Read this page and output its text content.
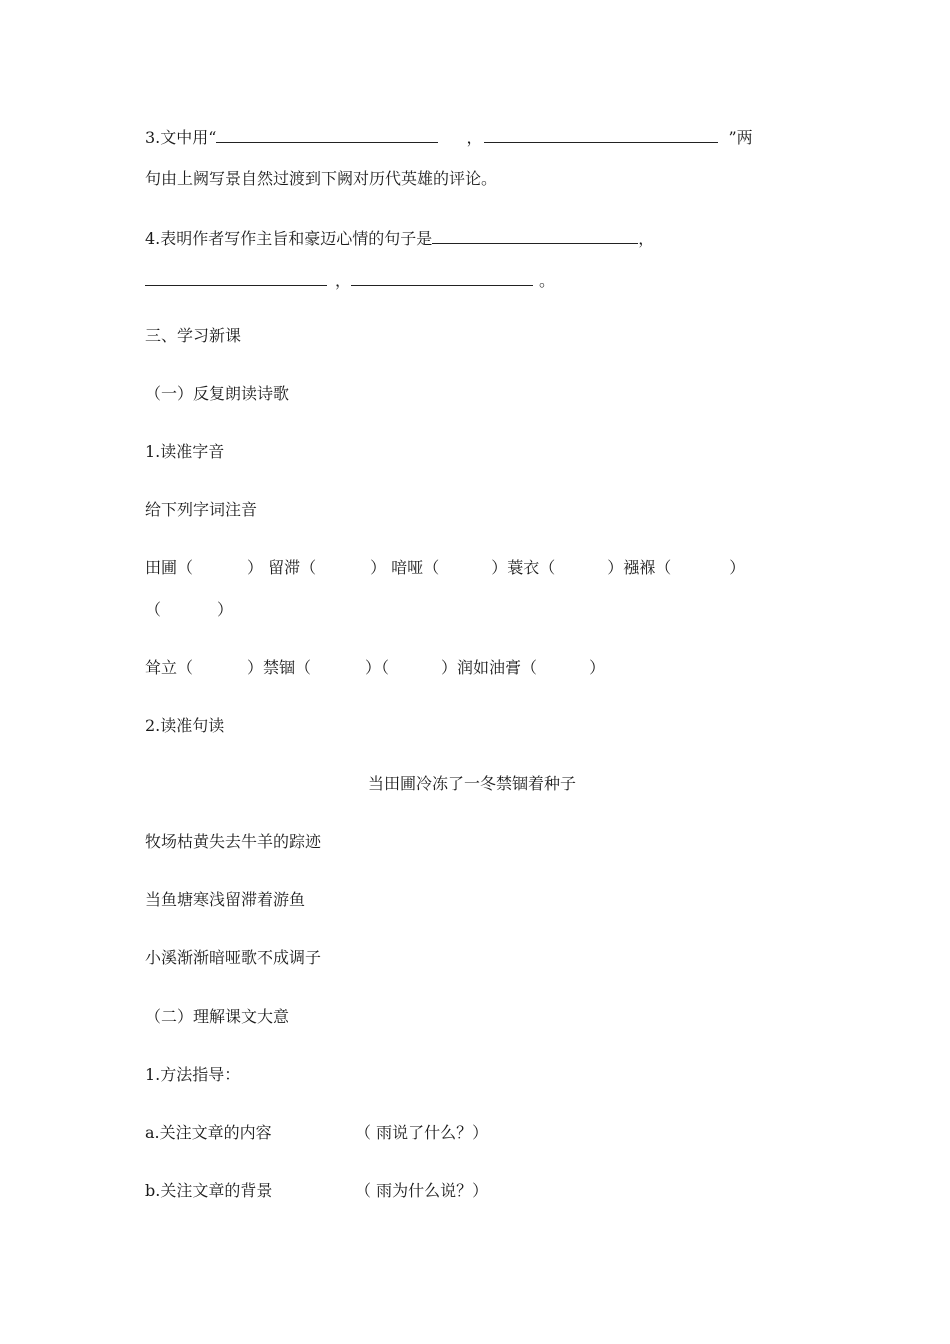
3.文中用“	，	”两
句由上阙写景自然过渡到下阙对历代英雄的评论。
4.表明作者写作主旨和豪迈心情的句子是	，
，	。
三、学习新课
（一）反复朗读诗歌
1.读准字音
给下列字词注音
田圃（	） 留滞（	） 喑哑（	）蓑衣（	）襁褓（	）
（	）
耸立（	）禁锢（	）（	）润如油膏（	）
2.读准句读
当田圃冷冻了一冬禁锢着种子
牧场枯黄失去牛羊的踪迹
当鱼塘寒浅留滞着游鱼
小溪渐渐暗哑歌不成调子
（二）理解课文大意
1.方法指导：
a.关注文章的内容	（ 雨说了什么？）
b.关注文章的背景	（ 雨为什么说？）
